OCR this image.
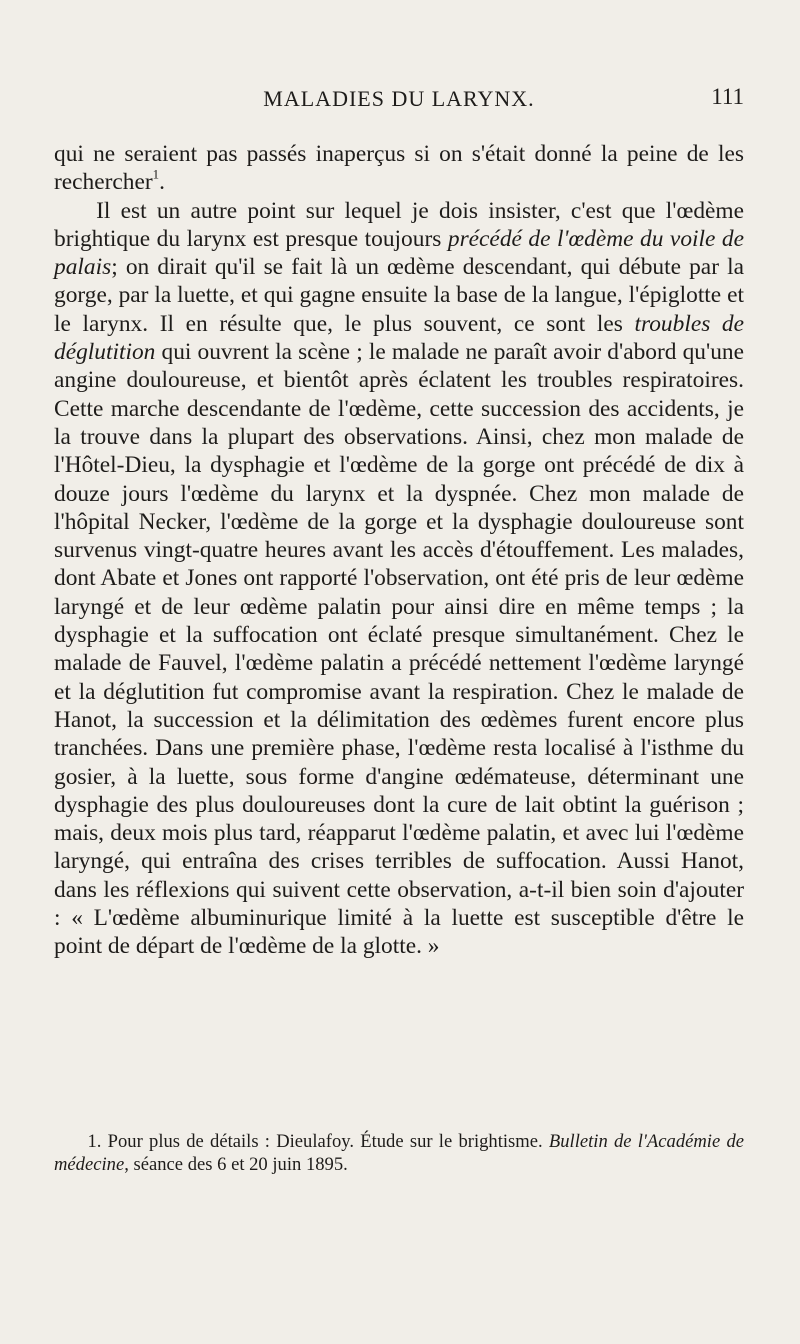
MALADIES DU LARYNX.	111

qui ne seraient pas passés inaperçus si on s'était donné la peine de les rechercher$^1$.

Il est un autre point sur lequel je dois insister, c'est que l'œdème brightique du larynx est presque toujours précédé de l'œdème du voile de palais; on dirait qu'il se fait là un œdème descendant, qui débute par la gorge, par la luette, et qui gagne ensuite la base de la langue, l'épiglotte et le larynx. Il en résulte que, le plus souvent, ce sont les troubles de déglutition qui ouvrent la scène ; le malade ne paraît avoir d'abord qu'une angine douloureuse, et bientôt après éclatent les troubles respiratoires. Cette marche descendante de l'œdème, cette succession des accidents, je la trouve dans la plupart des observations. Ainsi, chez mon malade de l'Hôtel-Dieu, la dysphagie et l'œdème de la gorge ont précédé de dix à douze jours l'œdème du larynx et la dyspnée. Chez mon malade de l'hôpital Necker, l'œdème de la gorge et la dysphagie douloureuse sont survenus vingt-quatre heures avant les accès d'étouffement. Les malades, dont Abate et Jones ont rapporté l'observation, ont été pris de leur œdème laryngé et de leur œdème palatin pour ainsi dire en même temps ; la dysphagie et la suffocation ont éclaté presque simultanément. Chez le malade de Fauvel, l'œdème palatin a précédé nettement l'œdème laryngé et la déglutition fut compromise avant la respiration. Chez le malade de Hanot, la succession et la délimitation des œdèmes furent encore plus tranchées. Dans une première phase, l'œdème resta localisé à l'isthme du gosier, à la luette, sous forme d'angine œdémateuse, déterminant une dysphagie des plus douloureuses dont la cure de lait obtint la guérison ; mais, deux mois plus tard, réapparut l'œdème palatin, et avec lui l'œdème laryngé, qui entraîna des crises terribles de suffocation. Aussi Hanot, dans les réflexions qui suivent cette observation, a-t-il bien soin d'ajouter : « L'œdème albuminurique limité à la luette est susceptible d'être le point de départ de l'œdème de la glotte. »

1. Pour plus de détails : Dieulafoy. Étude sur le brightisme. Bulletin de l'Académie de médecine, séance des 6 et 20 juin 1895.
